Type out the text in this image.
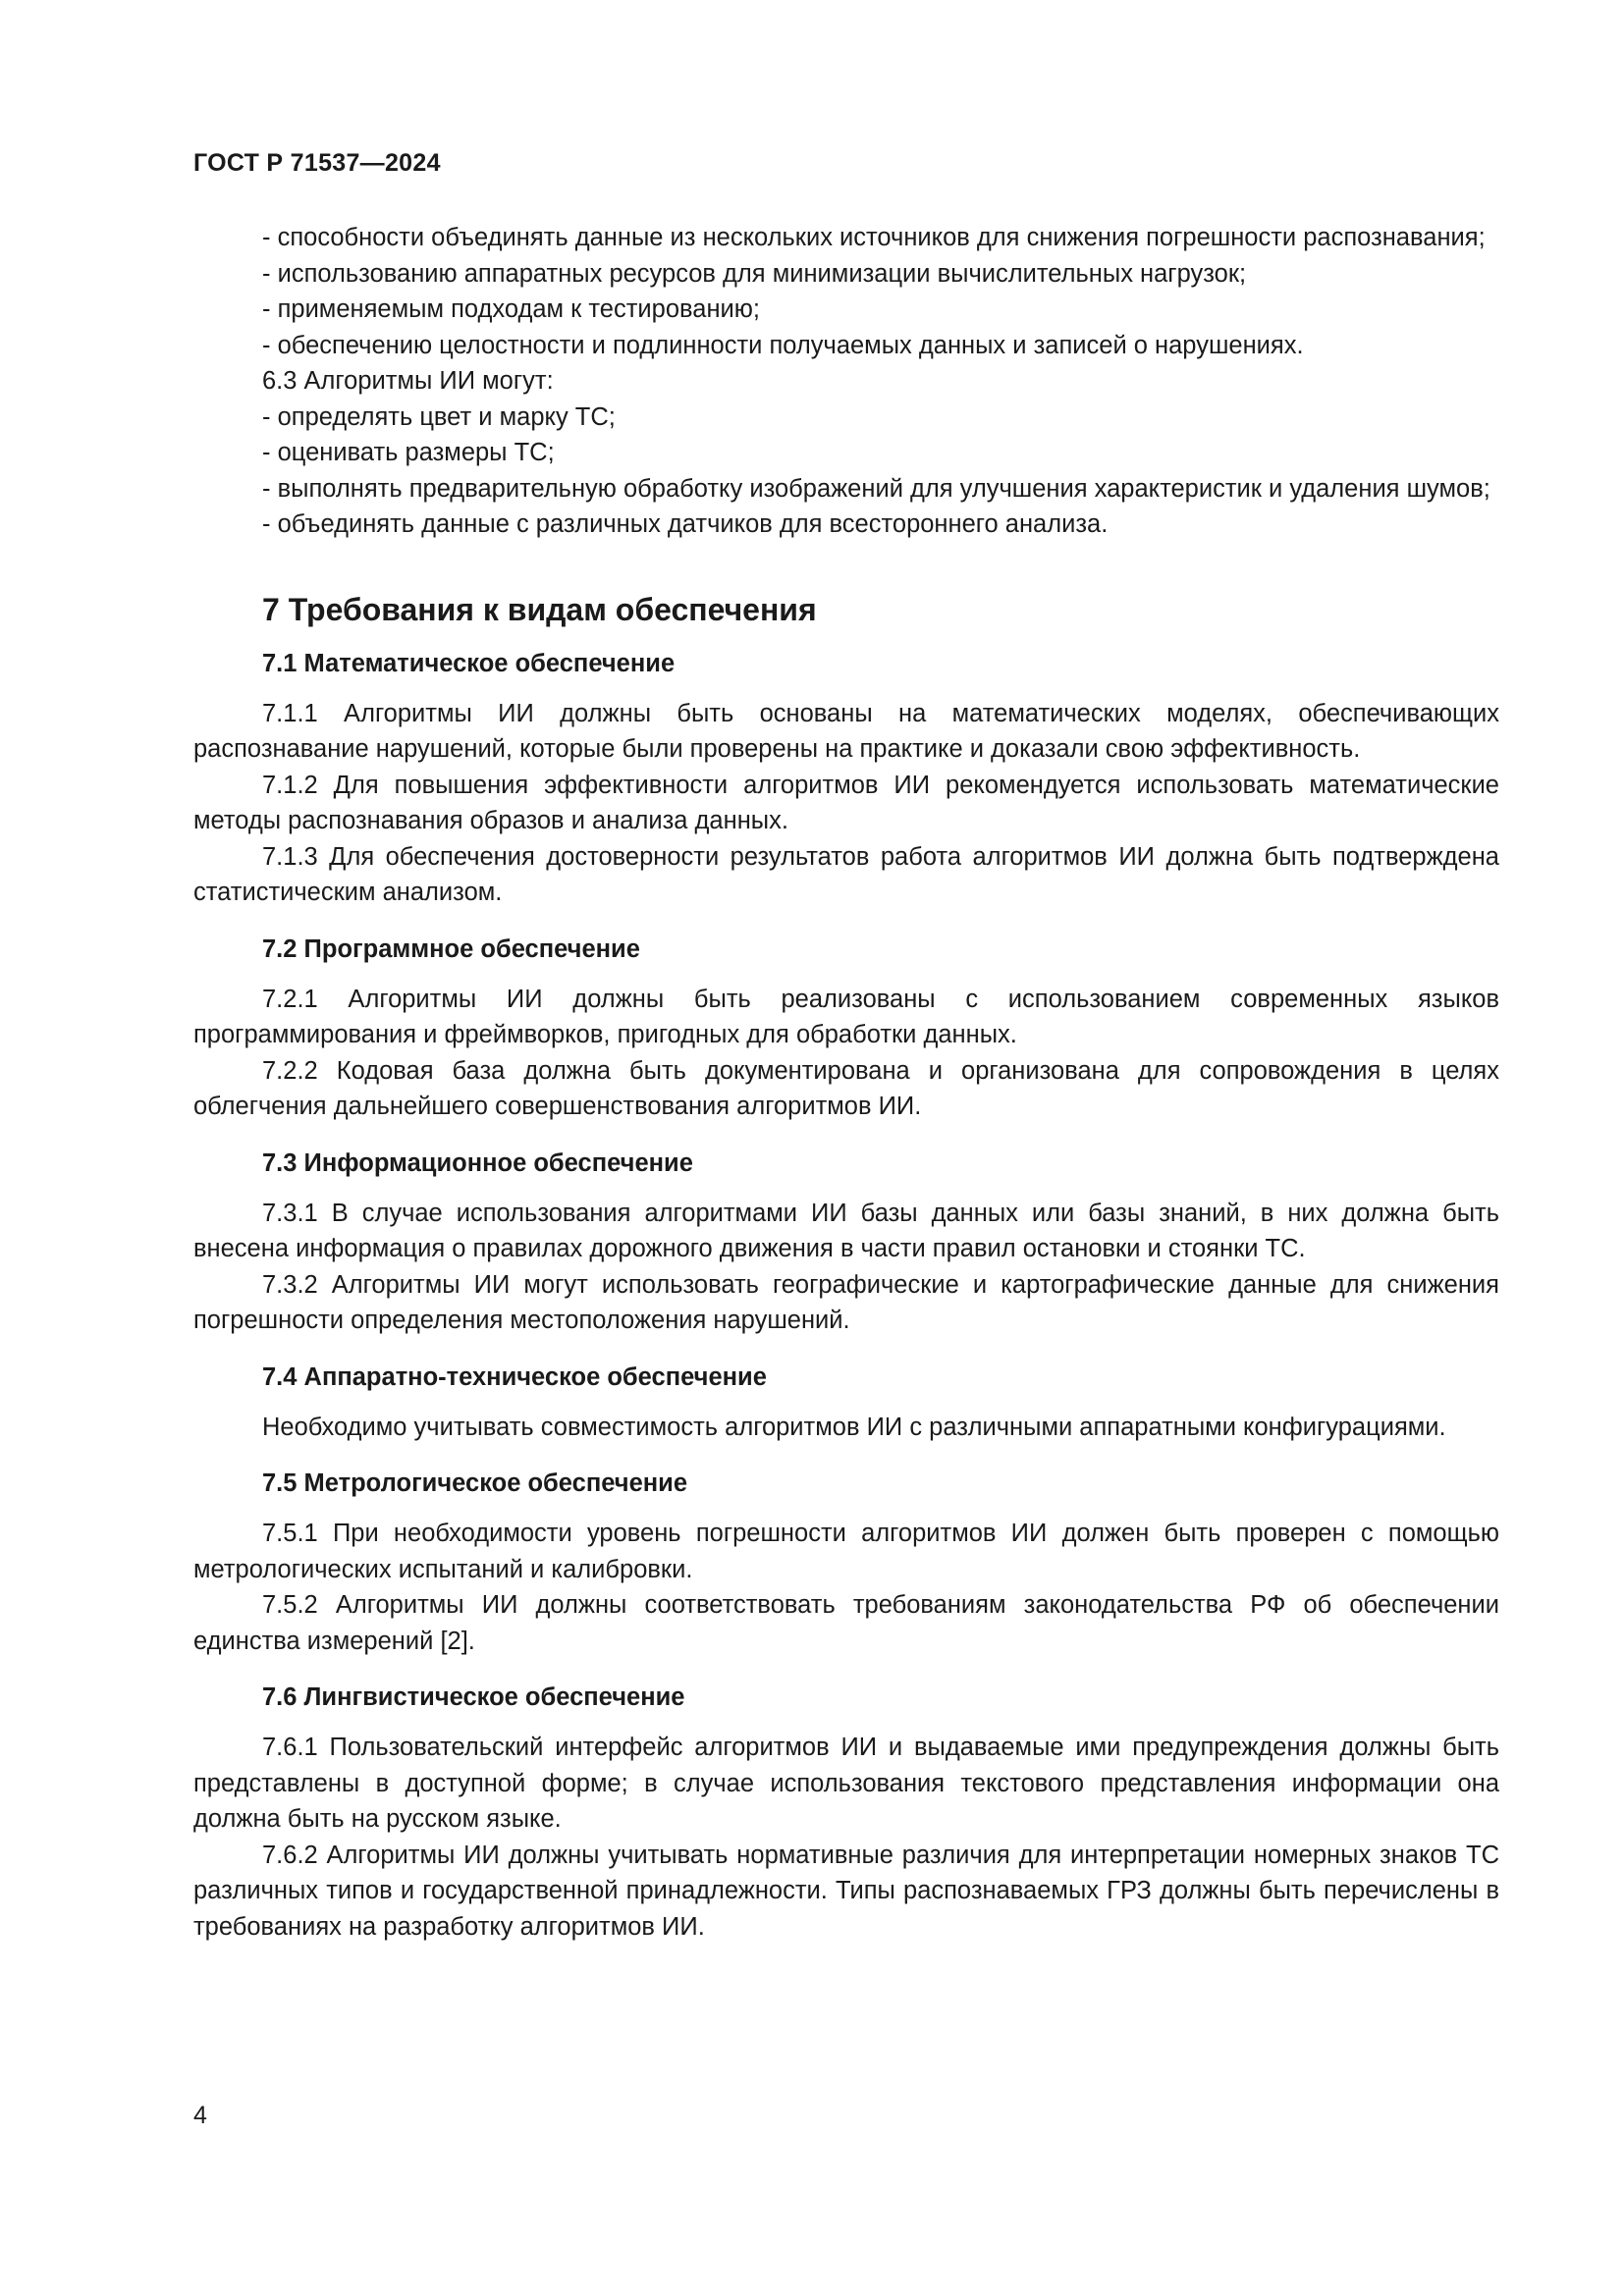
ГОСТ Р 71537—2024

- способности объединять данные из нескольких источников для снижения погрешности распознавания;

- использованию аппаратных ресурсов для минимизации вычислительных нагрузок;

- применяемым подходам к тестированию;

- обеспечению целостности и подлинности получаемых данных и записей о нарушениях.

6.3 Алгоритмы ИИ могут:

- определять цвет и марку ТС;

- оценивать размеры ТС;

- выполнять предварительную обработку изображений для улучшения характеристик и удаления шумов;

- объединять данные с различных датчиков для всестороннего анализа.

7 Требования к видам обеспечения
7.1 Математическое обеспечение

7.1.1 Алгоритмы ИИ должны быть основаны на математических моделях, обеспечивающих распознавание нарушений, которые были проверены на практике и доказали свою эффективность.

7.1.2 Для повышения эффективности алгоритмов ИИ рекомендуется использовать математические методы распознавания образов и анализа данных.

7.1.3 Для обеспечения достоверности результатов работа алгоритмов ИИ должна быть подтверждена статистическим анализом.

7.2 Программное обеспечение

7.2.1 Алгоритмы ИИ должны быть реализованы с использованием современных языков программирования и фреймворков, пригодных для обработки данных.

7.2.2 Кодовая база должна быть документирована и организована для сопровождения в целях облегчения дальнейшего совершенствования алгоритмов ИИ.

7.3 Информационное обеспечение

7.3.1 В случае использования алгоритмами ИИ базы данных или базы знаний, в них должна быть внесена информация о правилах дорожного движения в части правил остановки и стоянки ТС.

7.3.2 Алгоритмы ИИ могут использовать географические и картографические данные для снижения погрешности определения местоположения нарушений.

7.4 Аппаратно-техническое обеспечение

Необходимо учитывать совместимость алгоритмов ИИ с различными аппаратными конфигурациями.

7.5 Метрологическое обеспечение

7.5.1 При необходимости уровень погрешности алгоритмов ИИ должен быть проверен с помощью метрологических испытаний и калибровки.

7.5.2 Алгоритмы ИИ должны соответствовать требованиям законодательства РФ об обеспечении единства измерений [2].

7.6 Лингвистическое обеспечение

7.6.1 Пользовательский интерфейс алгоритмов ИИ и выдаваемые ими предупреждения должны быть представлены в доступной форме; в случае использования текстового представления информации она должна быть на русском языке.

7.6.2 Алгоритмы ИИ должны учитывать нормативные различия для интерпретации номерных знаков ТС различных типов и государственной принадлежности. Типы распознаваемых ГРЗ должны быть перечислены в требованиях на разработку алгоритмов ИИ.

4
